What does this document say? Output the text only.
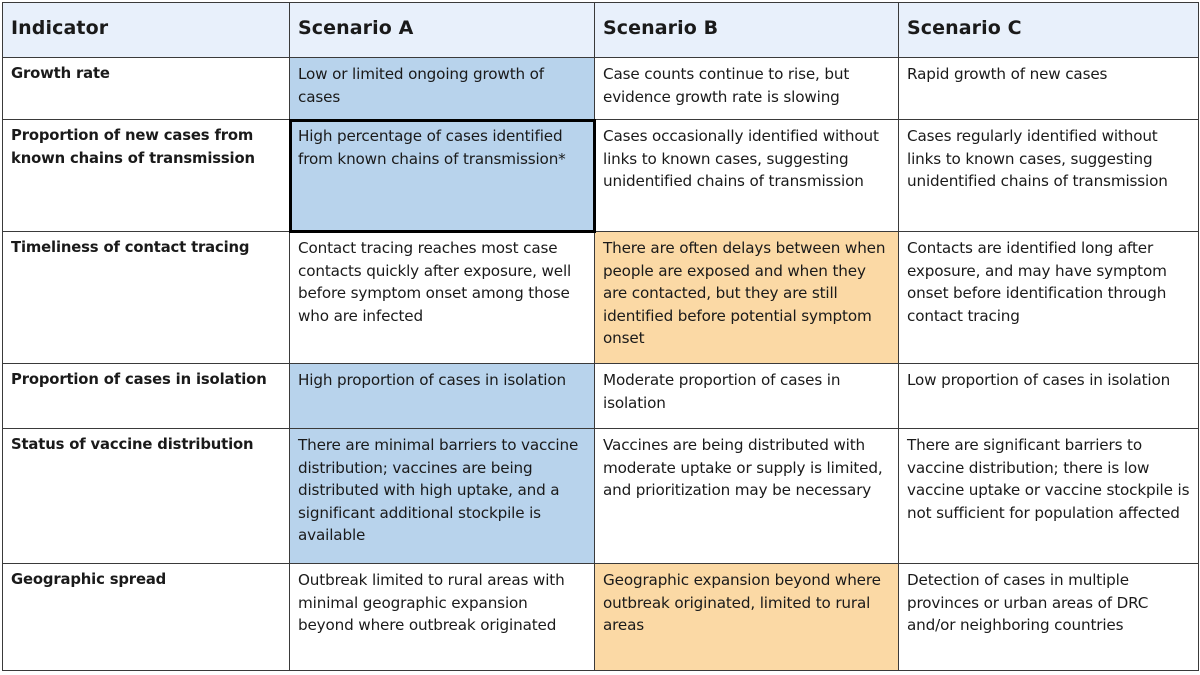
Indicator	Scenario A	Scenario B	Scenario C
Growth rate	Low or limited ongoing growth of cases	Case counts continue to rise, but evidence growth rate is slowing	Rapid growth of new cases
Proportion of new cases from known chains of transmission	High percentage of cases identified from known chains of transmission*	Cases occasionally identified without links to known cases, suggesting unidentified chains of transmission	Cases regularly identified without links to known cases, suggesting unidentified chains of transmission
Timeliness of contact tracing	Contact tracing reaches most case contacts quickly after exposure, well before symptom onset among those who are infected	There are often delays between when people are exposed and when they are contacted, but they are still identified before potential symptom onset	Contacts are identified long after exposure, and may have symptom onset before identification through contact tracing
Proportion of cases in isolation	High proportion of cases in isolation	Moderate proportion of cases in isolation	Low proportion of cases in isolation
Status of vaccine distribution	There are minimal barriers to vaccine distribution; vaccines are being distributed with high uptake, and a significant additional stockpile is available	Vaccines are being distributed with moderate uptake or supply is limited, and prioritization may be necessary	There are significant barriers to vaccine distribution; there is low vaccine uptake or vaccine stockpile is not sufficient for population affected
Geographic spread	Outbreak limited to rural areas with minimal geographic expansion beyond where outbreak originated	Geographic expansion beyond where outbreak originated, limited to rural areas	Detection of cases in multiple provinces or urban areas of DRC and/or neighboring countries
